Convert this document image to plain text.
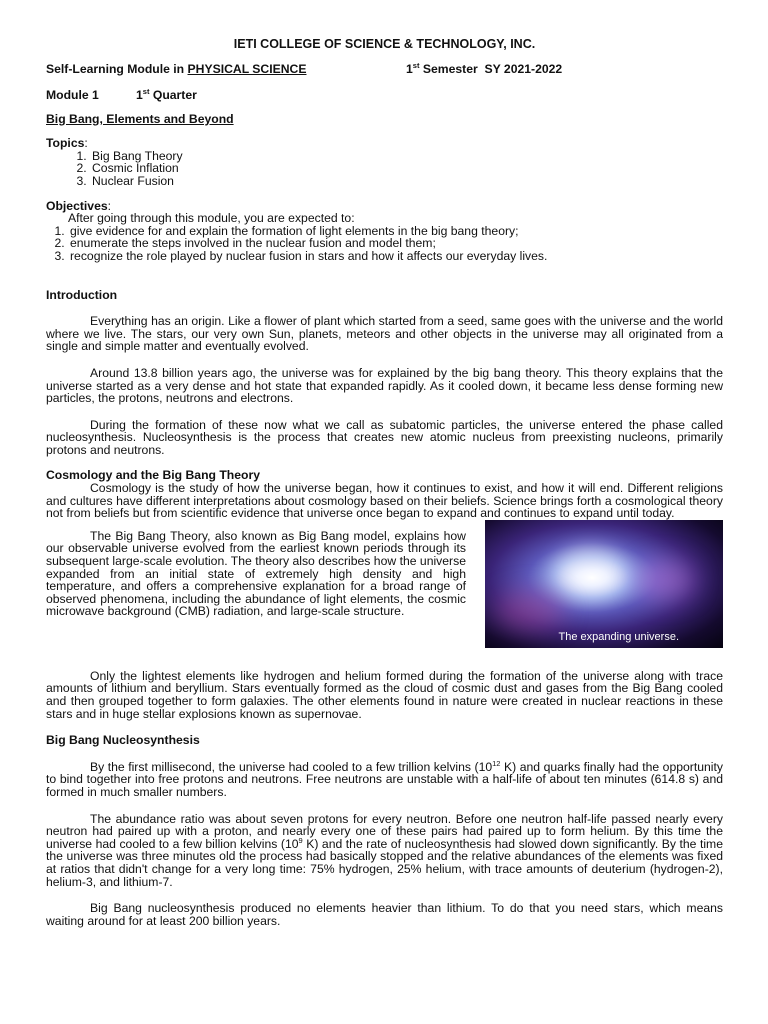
IETI COLLEGE OF SCIENCE & TECHNOLOGY, INC.
Self-Learning Module in PHYSICAL SCIENCE	1st Semester  SY 2021-2022
Module 1	1st Quarter
Big Bang, Elements and Beyond
Topics:
1. Big Bang Theory
2. Cosmic Inflation
3. Nuclear Fusion
Objectives:
After going through this module, you are expected to:
1. give evidence for and explain the formation of light elements in the big bang theory;
2. enumerate the steps involved in the nuclear fusion and model them;
3. recognize the role played by nuclear fusion in stars and how it affects our everyday lives.
Introduction

Everything has an origin. Like a flower of plant which started from a seed, same goes with the universe and the world where we live. The stars, our very own Sun, planets, meteors and other objects in the universe may all originated from a single and simple matter and eventually evolved.

Around 13.8 billion years ago, the universe was for explained by the big bang theory. This theory explains that the universe started as a very dense and hot state that expanded rapidly. As it cooled down, it became less dense forming new particles, the protons, neutrons and electrons.

During the formation of these now what we call as subatomic particles, the universe entered the phase called nucleosynthesis. Nucleosynthesis is the process that creates new atomic nucleus from preexisting nucleons, primarily protons and neutrons.

Cosmology and the Big Bang Theory

Cosmology is the study of how the universe began, how it continues to exist, and how it will end. Different religions and cultures have different interpretations about cosmology based on their beliefs. Science brings forth a cosmological theory not from beliefs but from scientific evidence that universe once began to expand and continues to expand until today.

The Big Bang Theory, also known as Big Bang model, explains how our observable universe evolved from the earliest known periods through its subsequent large-scale evolution. The theory also describes how the universe expanded from an initial state of extremely high density and high temperature, and offers a comprehensive explanation for a broad range of observed phenomena, including the abundance of light elements, the cosmic microwave background (CMB) radiation, and large-scale structure.

The expanding universe.

Only the lightest elements like hydrogen and helium formed during the formation of the universe along with trace amounts of lithium and beryllium. Stars eventually formed as the cloud of cosmic dust and gases from the Big Bang cooled and then grouped together to form galaxies. The other elements found in nature were created in nuclear reactions in these stars and in huge stellar explosions known as supernovae.

Big Bang Nucleosynthesis

By the first millisecond, the universe had cooled to a few trillion kelvins ($10^{12}$ K) and quarks finally had the opportunity to bind together into free protons and neutrons. Free neutrons are unstable with a half-life of about ten minutes (614.8 s) and formed in much smaller numbers.

The abundance ratio was about seven protons for every neutron. Before one neutron half-life passed nearly every neutron had paired up with a proton, and nearly every one of these pairs had paired up to form helium. By this time the universe had cooled to a few billion kelvins ($10^9$ K) and the rate of nucleosynthesis had slowed down significantly. By the time the universe was three minutes old the process had basically stopped and the relative abundances of the elements was fixed at ratios that didn't change for a very long time: 75% hydrogen, 25% helium, with trace amounts of deuterium (hydrogen-2), helium-3, and lithium-7.

Big Bang nucleosynthesis produced no elements heavier than lithium. To do that you need stars, which means waiting around for at least 200 billion years.
